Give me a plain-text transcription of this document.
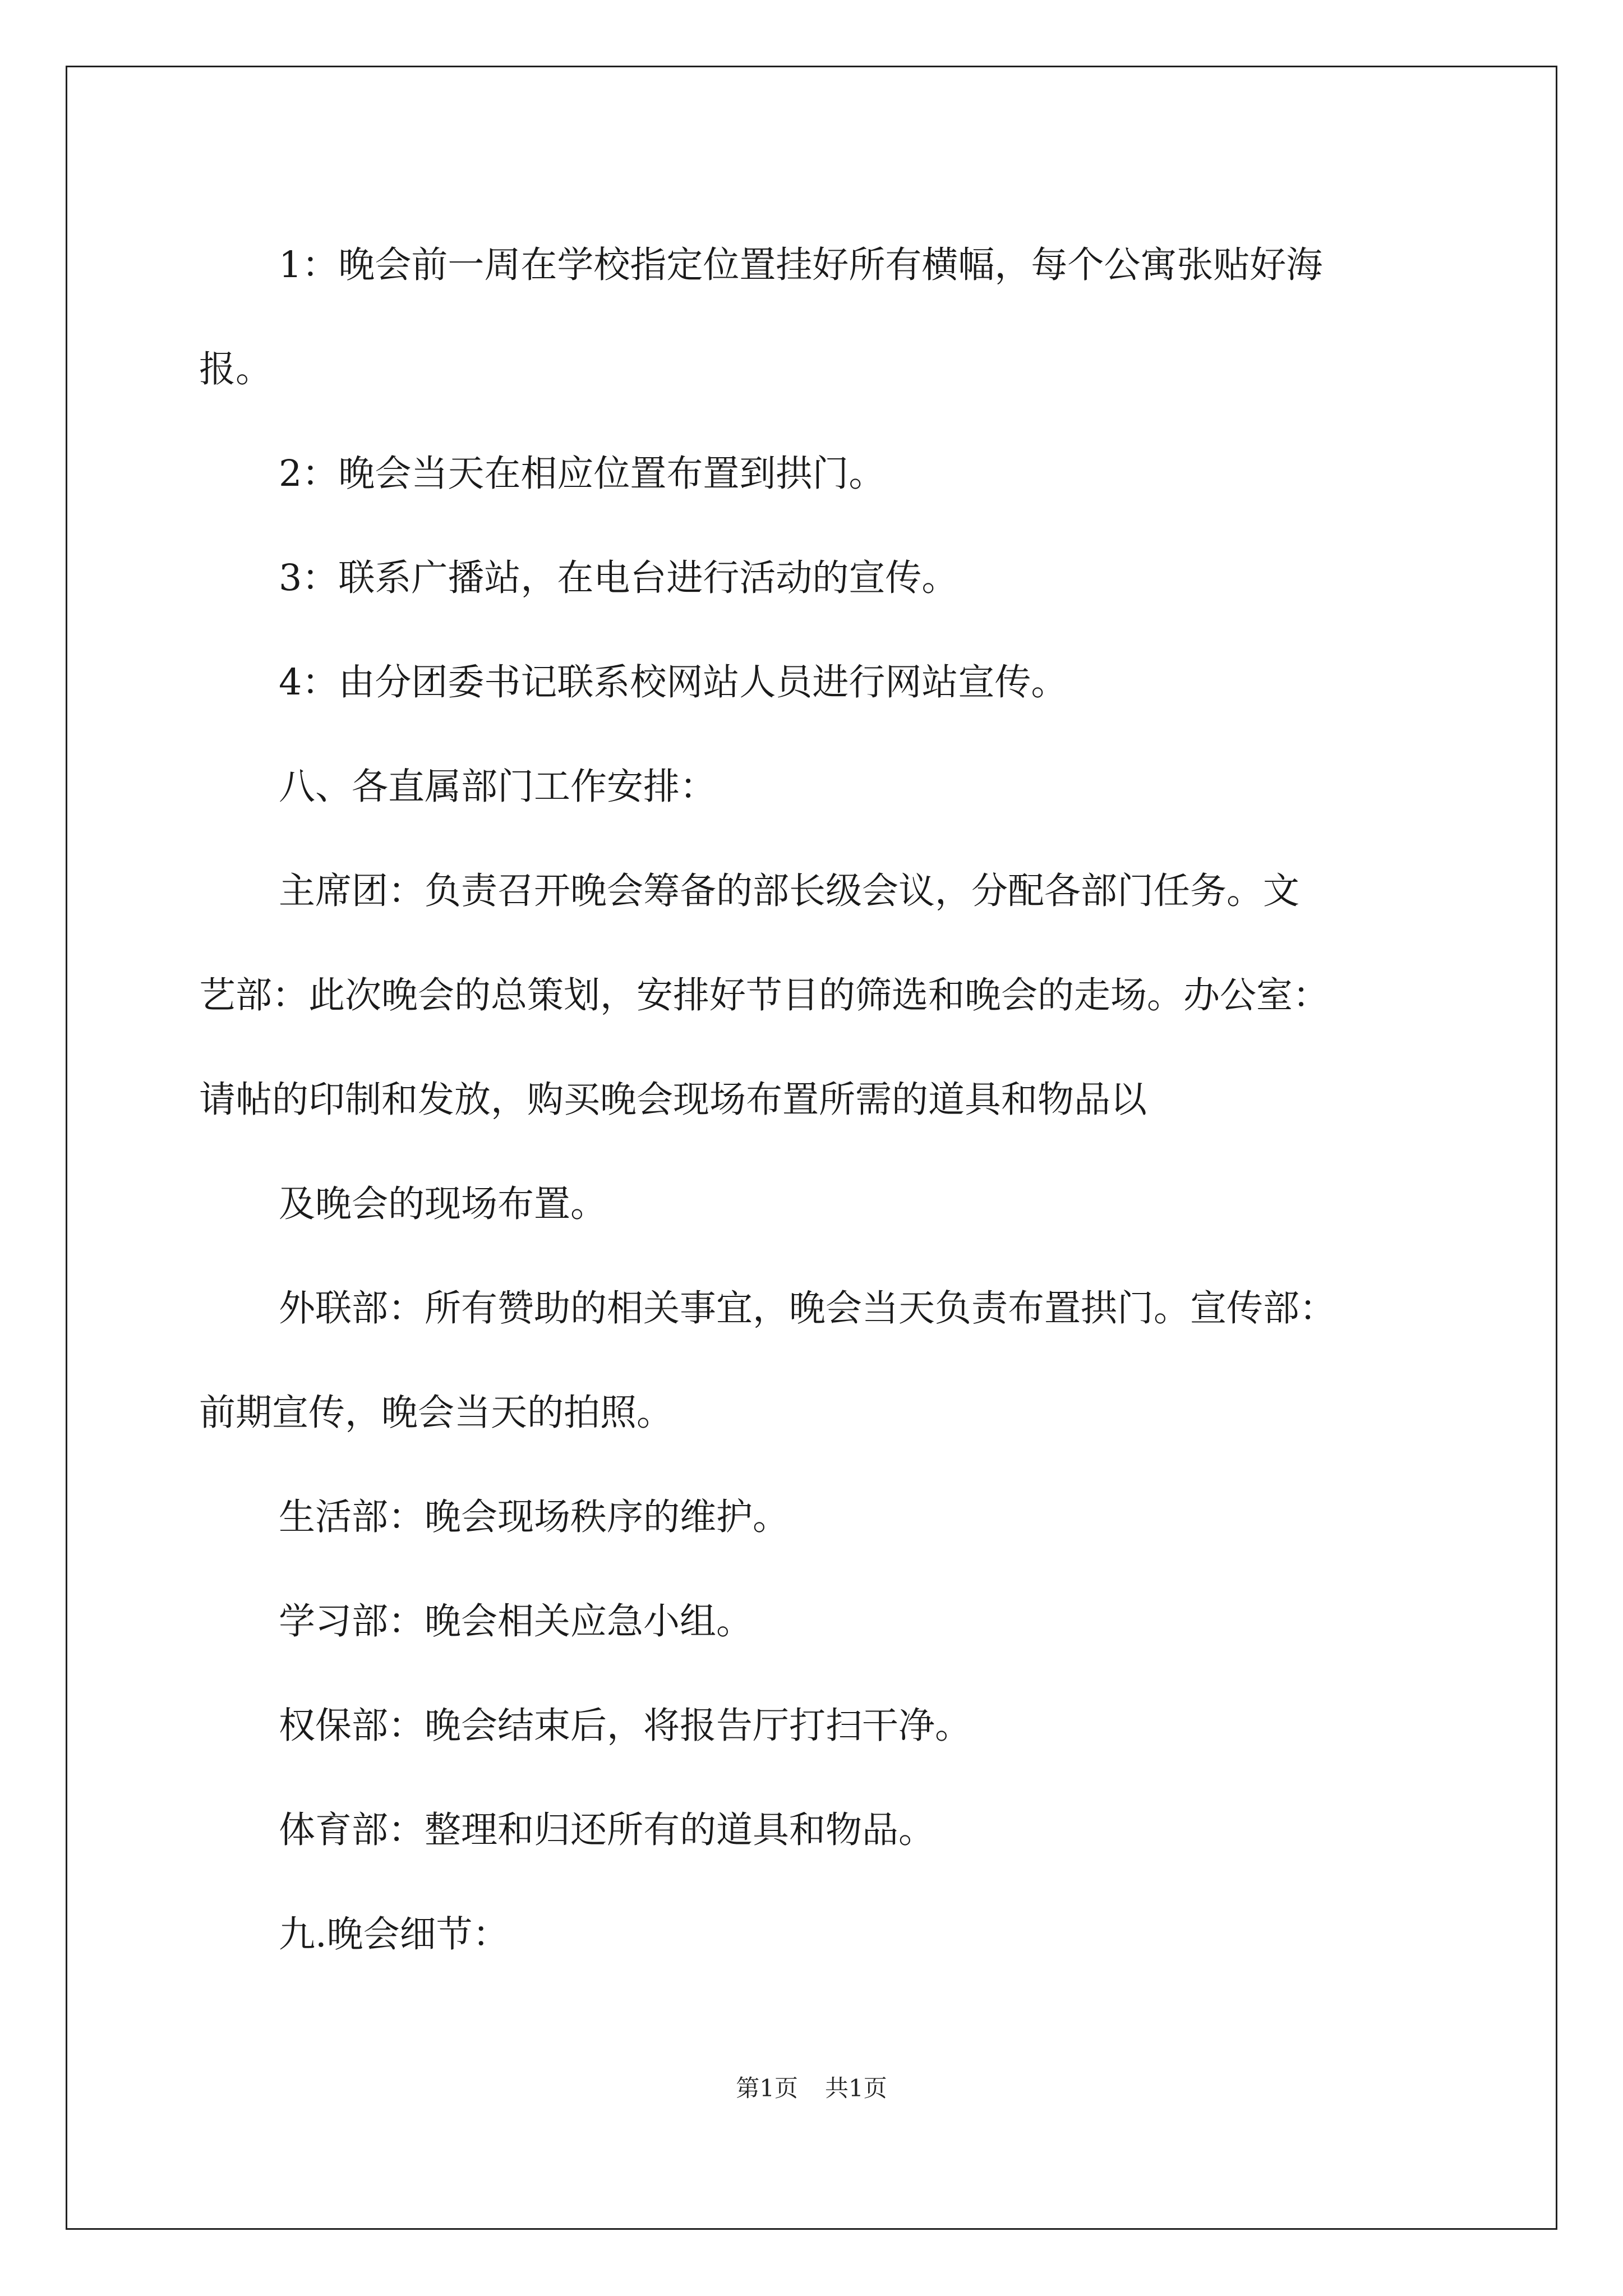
1：晚会前一周在学校指定位置挂好所有横幅，每个公寓张贴好海

报。

2：晚会当天在相应位置布置到拱门。

3：联系广播站，在电台进行活动的宣传。

4：由分团委书记联系校网站人员进行网站宣传。

八、各直属部门工作安排：

主席团：负责召开晚会筹备的部长级会议，分配各部门任务。文

艺部：此次晚会的总策划，安排好节目的筛选和晚会的走场。办公室：

请帖的印制和发放，购买晚会现场布置所需的道具和物品以

及晚会的现场布置。

外联部：所有赞助的相关事宜，晚会当天负责布置拱门。宣传部：

前期宣传，晚会当天的拍照。

生活部：晚会现场秩序的维护。

学习部：晚会相关应急小组。

权保部：晚会结束后，将报告厅打扫干净。

体育部：整理和归还所有的道具和物品。

九.晚会细节：

第1页 共1页
